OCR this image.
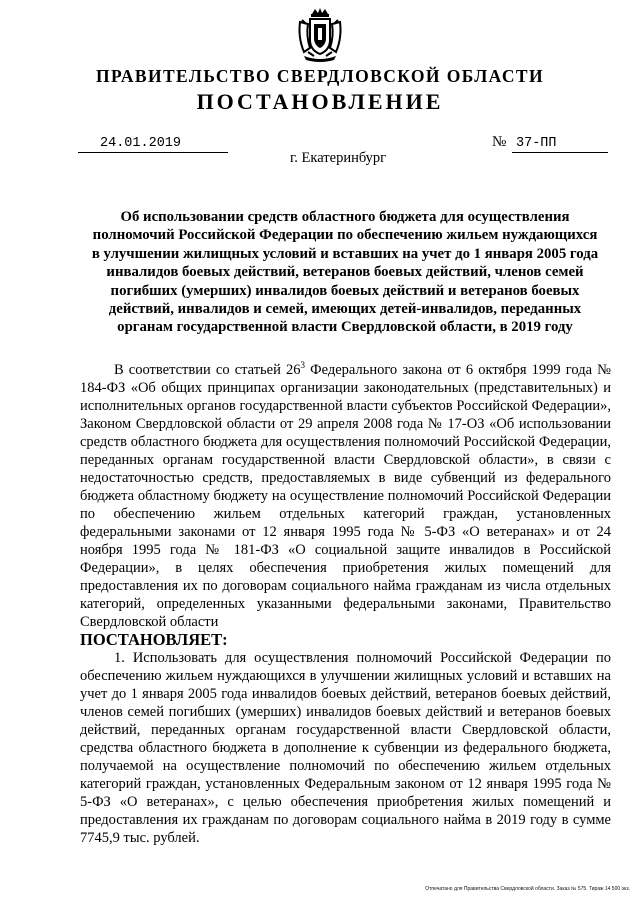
ПРАВИТЕЛЬСТВО СВЕРДЛОВСКОЙ ОБЛАСТИ
ПОСТАНОВЛЕНИЕ
24.01.2019	№ 37-ПП
г. Екатеринбург
Об использовании средств областного бюджета для осуществления
полномочий Российской Федерации по обеспечению жильем нуждающихся
в улучшении жилищных условий и вставших на учет до 1 января 2005 года
инвалидов боевых действий, ветеранов боевых действий, членов семей
погибших (умерших) инвалидов боевых действий и ветеранов боевых
действий, инвалидов и семей, имеющих детей-инвалидов, переданных
органам государственной власти Свердловской области, в 2019 году

В соответствии со статьей $26^3$ Федерального закона от 6 октября 1999 года № 184-ФЗ «Об общих принципах организации законодательных (представительных) и исполнительных органов государственной власти субъектов Российской Федерации», Законом Свердловской области от 29 апреля 2008 года № 17-ОЗ «Об использовании средств областного бюджета для осуществления полномочий Российской Федерации, переданных органам государственной власти Свердловской области», в связи с недостаточностью средств, предоставляемых в виде субвенций из федерального бюджета областному бюджету на осуществление полномочий Российской Федерации по обеспечению жильем отдельных категорий граждан, установленных федеральными законами от 12 января 1995 года № 5-ФЗ «О ветеранах» и от 24 ноября 1995 года № 181-ФЗ «О социальной защите инвалидов в Российской Федерации», в целях обеспечения приобретения жилых помещений для предоставления их по договорам социального найма гражданам из числа отдельных категорий, определенных указанными федеральными законами, Правительство Свердловской области

ПОСТАНОВЛЯЕТ:

1. Использовать для осуществления полномочий Российской Федерации по обеспечению жильем нуждающихся в улучшении жилищных условий и вставших на учет до 1 января 2005 года инвалидов боевых действий, ветеранов боевых действий, членов семей погибших (умерших) инвалидов боевых действий и ветеранов боевых действий, переданных органам государственной власти Свердловской области, средства областного бюджета в дополнение к субвенции из федерального бюджета, получаемой на осуществление полномочий по обеспечению жильем отдельных категорий граждан, установленных Федеральным законом от 12 января 1995 года № 5-ФЗ «О ветеранах», с целью обеспечения приобретения жилых помещений и предоставления их гражданам по договорам социального найма в 2019 году в сумме 7745,9 тыс. рублей.

Отпечатано для Правительства Свердловской области. Заказ № 575. Тираж 14 500 экз.
